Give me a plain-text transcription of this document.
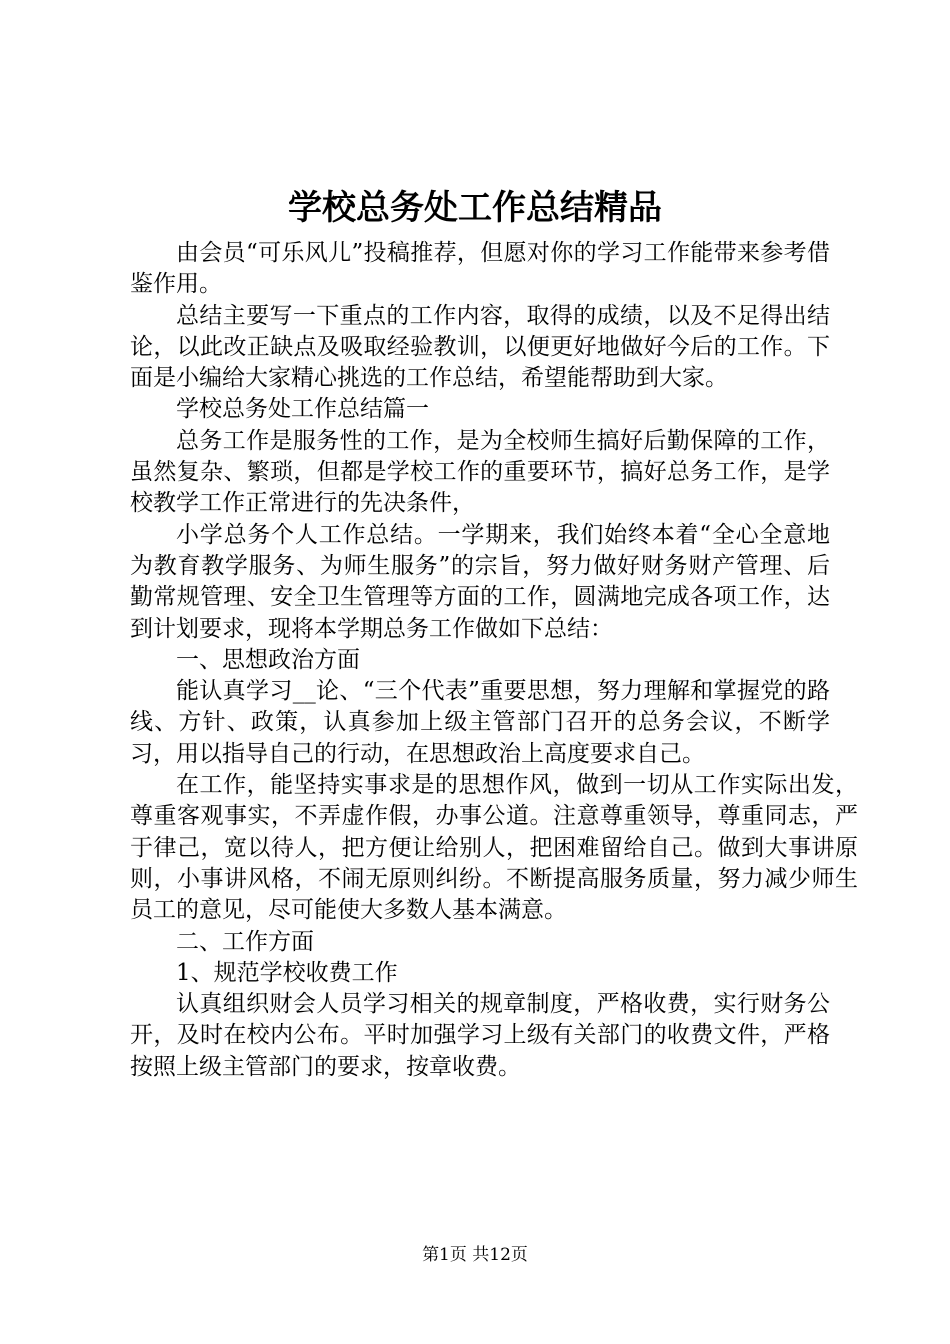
学校总务处工作总结精品

由会员“可乐风儿”投稿推荐，但愿对你的学习工作能带来参考借鉴作用。

总结主要写一下重点的工作内容，取得的成绩，以及不足得出结论，以此改正缺点及吸取经验教训，以便更好地做好今后的工作。下面是小编给大家精心挑选的工作总结，希望能帮助到大家。

学校总务处工作总结篇一

总务工作是服务性的工作，是为全校师生搞好后勤保障的工作，虽然复杂、繁琐，但都是学校工作的重要环节，搞好总务工作，是学校教学工作正常进行的先决条件，

小学总务个人工作总结。一学期来，我们始终本着“全心全意地为教育教学服务、为师生服务”的宗旨，努力做好财务财产管理、后勤常规管理、安全卫生管理等方面的工作，圆满地完成各项工作，达到计划要求，现将本学期总务工作做如下总结：

一、思想政治方面

能认真学习__论、“三个代表”重要思想，努力理解和掌握党的路线、方针、政策，认真参加上级主管部门召开的总务会议，不断学习，用以指导自己的行动，在思想政治上高度要求自己。

在工作，能坚持实事求是的思想作风，做到一切从工作实际出发，尊重客观事实，不弄虚作假，办事公道。注意尊重领导，尊重同志，严于律己，宽以待人，把方便让给别人，把困难留给自己。做到大事讲原则，小事讲风格，不闹无原则纠纷。不断提高服务质量，努力减少师生员工的意见，尽可能使大多数人基本满意。

二、工作方面

1、规范学校收费工作

认真组织财会人员学习相关的规章制度，严格收费，实行财务公开，及时在校内公布。平时加强学习上级有关部门的收费文件，严格按照上级主管部门的要求，按章收费。

第1页 共12页
